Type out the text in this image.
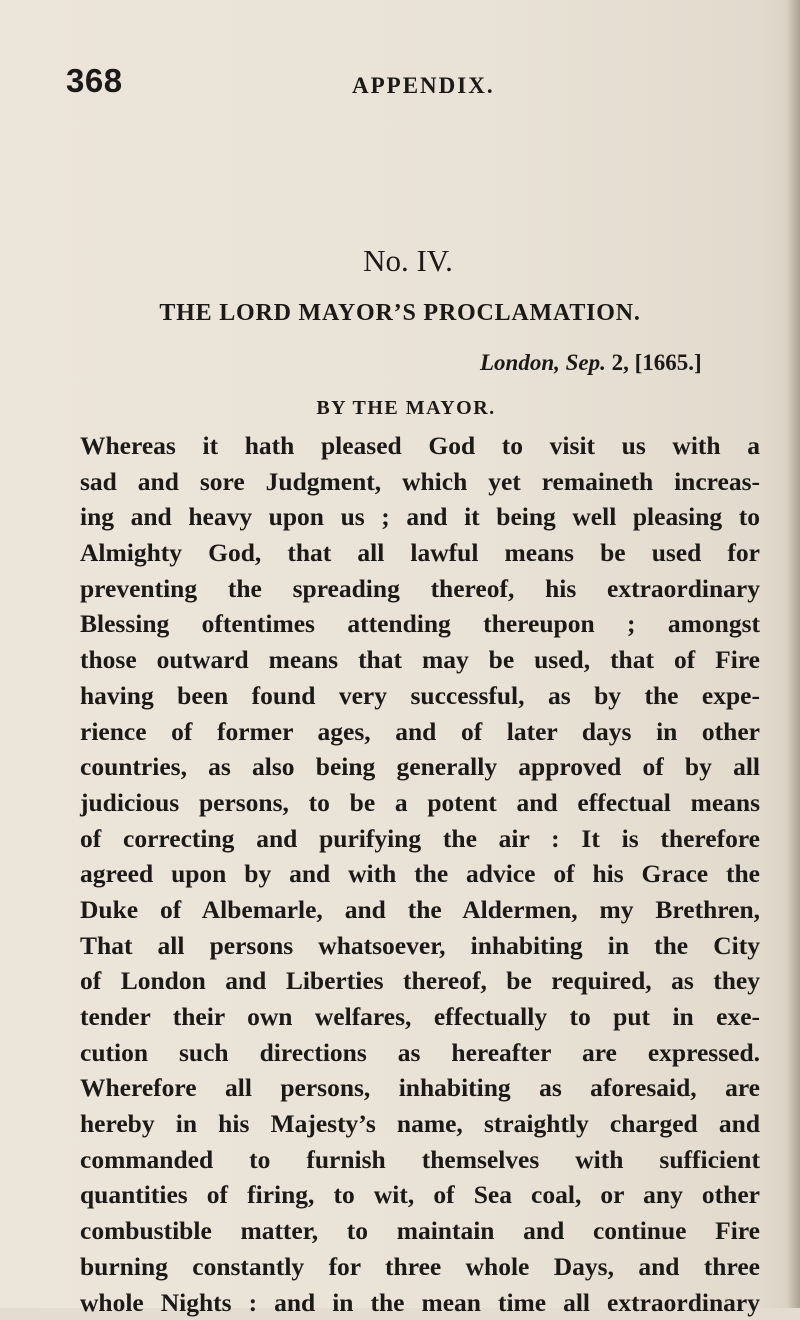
368	APPENDIX.
No. IV.
THE LORD MAYOR’S PROCLAMATION.
London, Sep. 2, [1665.]
BY THE MAYOR.
Whereas it hath pleased God to visit us with a
sad and sore Judgment, which yet remaineth increas-
ing and heavy upon us ; and it being well pleasing to
Almighty God, that all lawful means be used for
preventing the spreading thereof, his extraordinary
Blessing oftentimes attending thereupon ; amongst
those outward means that may be used, that of Fire
having been found very successful, as by the expe-
rience of former ages, and of later days in other
countries, as also being generally approved of by all
judicious persons, to be a potent and effectual means
of correcting and purifying the air : It is therefore
agreed upon by and with the advice of his Grace the
Duke of Albemarle, and the Aldermen, my Brethren,
That all persons whatsoever, inhabiting in the City
of London and Liberties thereof, be required, as they
tender their own welfares, effectually to put in exe-
cution such directions as hereafter are expressed.
Wherefore all persons, inhabiting as aforesaid, are
hereby in his Majesty’s name, straightly charged and
commanded to furnish themselves with sufficient
quantities of firing, to wit, of Sea coal, or any other
combustible matter, to maintain and continue Fire
burning constantly for three whole Days, and three
whole Nights : and in the mean time all extraordinary
